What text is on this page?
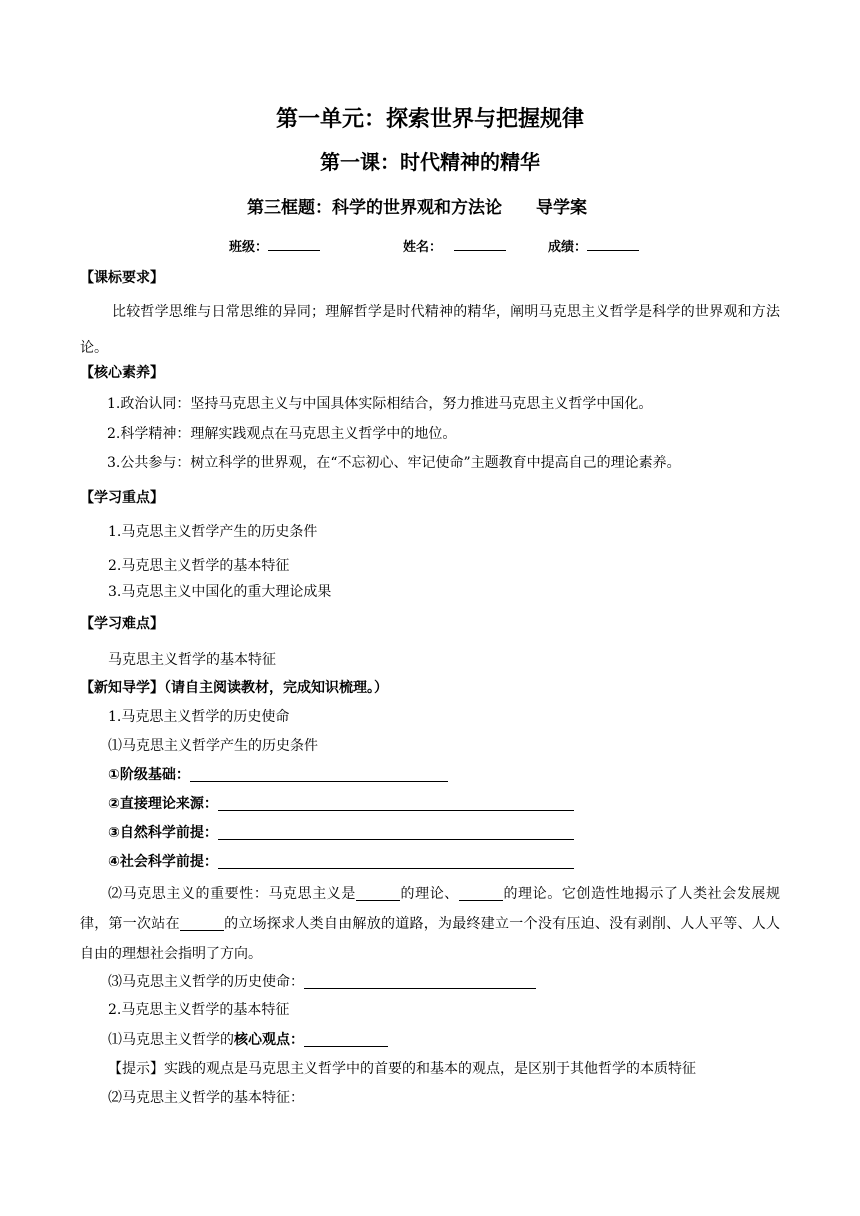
第一单元：探索世界与把握规律
第一课：时代精神的精华
第三框题：科学的世界观和方法论 导学案
班级：	姓名：	成绩：
【课标要求】
比较哲学思维与日常思维的异同；理解哲学是时代精神的精华，阐明马克思主义哲学是科学的世界观和方法论。
【核心素养】
1.政治认同：坚持马克思主义与中国具体实际相结合，努力推进马克思主义哲学中国化。
2.科学精神：理解实践观点在马克思主义哲学中的地位。
3.公共参与：树立科学的世界观，在“不忘初心、牢记使命”主题教育中提高自己的理论素养。
【学习重点】
1.马克思主义哲学产生的历史条件
2.马克思主义哲学的基本特征
3.马克思主义中国化的重大理论成果
【学习难点】
马克思主义哲学的基本特征
【新知导学】（请自主阅读教材，完成知识梳理。）
1.马克思主义哲学的历史使命
⑴马克思主义哲学产生的历史条件
①阶级基础：
②直接理论来源：
③自然科学前提：
④社会科学前提：
⑵马克思主义的重要性：马克思主义是	的理论、	的理论。它创造性地揭示了人类社会发展规律，第一次站在	的立场探求人类自由解放的道路，为最终建立一个没有压迫、没有剥削、人人平等、人人自由的理想社会指明了方向。
⑶马克思主义哲学的历史使命：
2.马克思主义哲学的基本特征
⑴马克思主义哲学的核心观点：
【提示】实践的观点是马克思主义哲学中的首要的和基本的观点，是区别于其他哲学的本质特征
⑵马克思主义哲学的基本特征：
